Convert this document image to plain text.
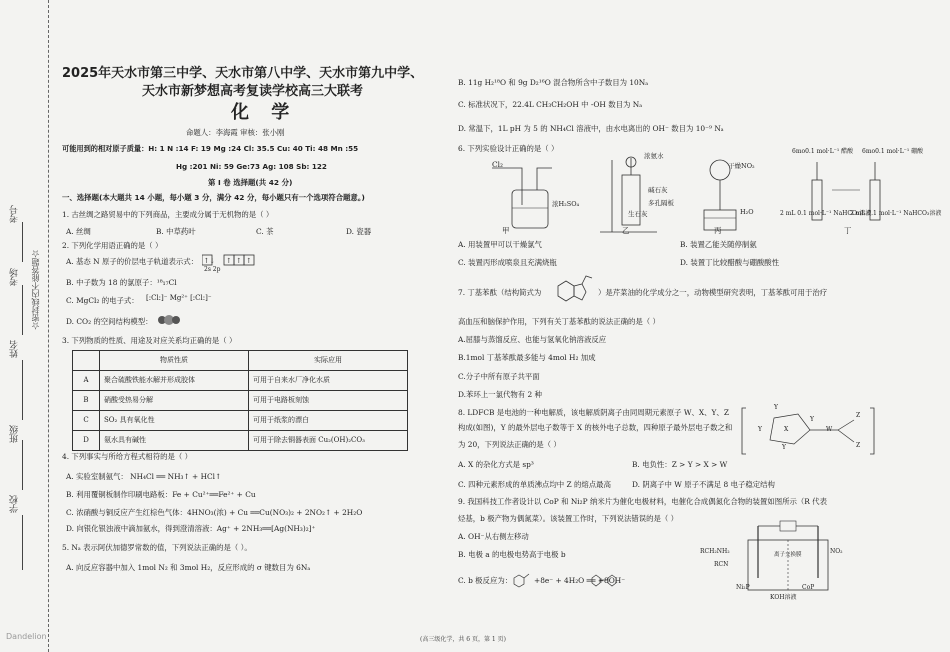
考号
考场
姓名
班级
学校
☆密封线内不能答题☆
2025年天水市第三中学、天水市第八中学、天水市第九中学、
天水市新梦想高考复读学校高三大联考
化 学
命题人：李海霞 审核：张小刚
可能用到的相对原子质量：H: 1 N :14 F: 19 Mg :24 Cl: 35.5 Cu: 40 Ti: 48 Mn :55
Hg :201 Ni: 59 Ge:73 Ag: 108 Sb: 122
第 I 卷 选择题(共 42 分)
一、选择题(本大题共 14 小题，每小题 3 分，满分 42 分，每小题只有一个选项符合题意。)
1. 古丝绸之路贸易中的下列商品，主要成分属于无机物的是（ ）
A. 丝绸	B. 中草药叶	C. 茶	D. 瓷器
2. 下列化学用语正确的是（ ）
A. 基态 N 原子的价层电子轨道表示式： ↑↓ ↑ ↑ ↑
2s 2p
B. 中子数为 18 的氯原子：¹⁸₁₇Cl
C. MgCl₂ 的电子式： [:Cl:]⁻ Mg²⁺ [:Cl:]⁻
D. CO₂ 的空间结构模型：
3. 下列物质的性质、用途及对应关系均正确的是（ ）
	物质性质	实际应用
A	聚合硫酸铁能水解并形成胶体	可用于自来水厂净化水质
B	硝酸受热易分解	可用于电路板刻蚀
C	SO₂ 具有氧化性	可用于纸浆的漂白
D	氨水具有碱性	可用于除去铜器表面 Cu₂(OH)₂CO₃
4. 下列事实与所给方程式相符的是（ ）
A. 实验室制氨气： NH₄Cl ══ NH₃↑ + HCl↑
B. 利用覆铜板制作印刷电路板：Fe + Cu²⁺══Fe²⁺ + Cu
C. 浓硝酸与铜反应产生红棕色气体：4HNO₃(浓) + Cu ══Cu(NO₃)₂ + 2NO₂↑ + 2H₂O
D. 向银化银浊液中滴加氨水，得到澄清溶液：Ag⁺ + 2NH₃══[Ag(NH₃)₂]⁺
5. Nₐ 表示阿伏加德罗常数的值，下列说法正确的是（ ）。
A. 向反应容器中加入 1mol N₂ 和 3mol H₂，反应形成的 σ 键数目为 6Nₐ
B. 11g H₂¹⁸O 和 9g D₂¹⁶O 混合物所含中子数目为 10Nₐ
C. 标准状况下，22.4L CH₃CH₂OH 中 -OH 数目为 Nₐ
D. 常温下，1L pH 为 5 的 NH₄Cl 溶液中，由水电离出的 OH⁻ 数目为 10⁻⁹ Nₐ
6. 下列实验设计正确的是（ ）
Cl₂
浓H₂SO₄
浓氨水
碱石灰
多孔隔板
干燥NO₂
H₂O
生石灰
6mo0.1 mol·L⁻¹ 醋酸 6mo0.1 mol·L⁻¹ 硼酸
2 mL 0.1 mol·L⁻¹ NaHCO₃溶液
2 mL 0.1 mol·L⁻¹ NaHCO₃溶液
甲	乙	丙	丁
A. 用装置甲可以干燥氯气	B. 装置乙能关随停制氨
C. 装置丙形成喷泉且充满烧瓶	D. 装置丁比较醋酸与硼酸酸性
7. 丁基苯酞（结构简式为	）是芹菜油的化学成分之一，动物模型研究表明，丁基苯酞可用于治疗
高血压和脑保护作用，下列有关丁基苯酞的说法正确的是（ ）
A.屈膝与蒸馏反应、也能与氢氧化钠溶液反应
B.1mol 丁基苯酞最多能与 4mol H₂ 加成
C.分子中所有原子共平面
D.苯环上一氯代物有 2 种
8. LDFCB 是电池的一种电解质，该电解质阴离子由同周期元素原子 W、X、Y、Z
构成(如图)，Y 的最外层电子数等于 X 的核外电子总数，四种原子最外层电子数之和
为 20，下列说法正确的是（ ）
Y
Y	X	W
Z
Z
Y
Y
A. X 的杂化方式是 sp³	B. 电负性：Z > Y > X > W
C. 四种元素形成的单质沸点均中 Z 的熔点最高	D. 阴离子中 W 原子不满足 8 电子稳定结构
9. 我国科技工作者设计以 CoP 和 Ni₂P 纳米片为催化电极材料，电催化合成偶氮化合物的装置如图所示（R 代表
烃基，b 极产物为偶氮菜）。该装置工作时，下列说法错误的是（ ）
A. OH⁻从右侧左移动
B. 电极 a 的电极电势高于电极 b
C. b 极反应为：	+8e⁻ + 4H₂O ══ +8OH⁻
RCH₂NH₂
RCN
Ni₂P
离子交换膜
KOH溶液
CoP
NO₂
(高三级化学，共 6 页，第 1 页)
Dandelion
